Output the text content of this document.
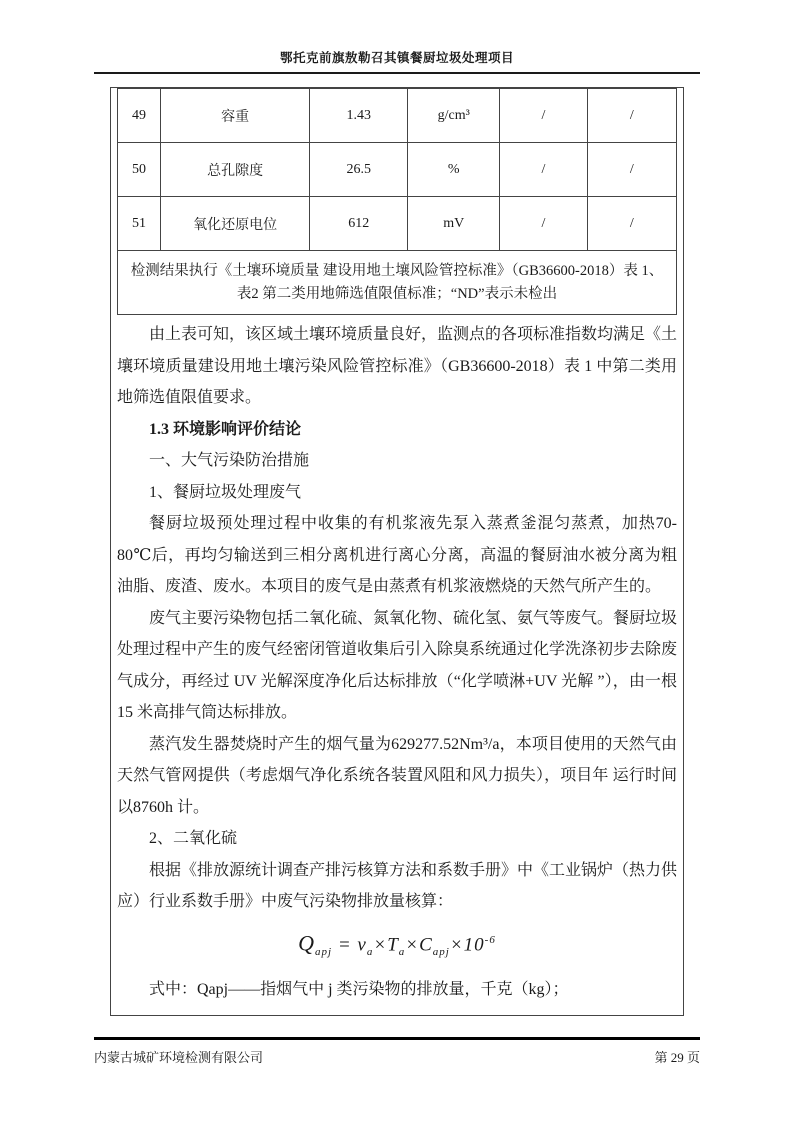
鄂托克前旗敖勒召其镇餐厨垃圾处理项目
49	容重	1.43	g/cm³	/	/
50	总孔隙度	26.5	%	/	/
51	氧化还原电位	612	mV	/	/

检测结果执行《土壤环境质量 建设用地土壤风险管控标准》（GB36600-2018）表 1、
表2 第二类用地筛选值限值标准；“ND”表示未检出					

由上表可知，该区域土壤环境质量良好，监测点的各项标准指数均满足《土壤环境质量建设用地土壤污染风险管控标准》（GB36600-2018）表 1 中第二类用地筛选值限值要求。

1.3 环境影响评价结论

一、大气污染防治措施

1、餐厨垃圾处理废气

餐厨垃圾预处理过程中收集的有机浆液先泵入蒸煮釜混匀蒸煮，加热70-80℃后，再均匀输送到三相分离机进行离心分离，高温的餐厨油水被分离为粗油脂、废渣、废水。本项目的废气是由蒸煮有机浆液燃烧的天然气所产生的。

废气主要污染物包括二氧化硫、氮氧化物、硫化氢、氨气等废气。餐厨垃圾处理过程中产生的废气经密闭管道收集后引入除臭系统通过化学洗涤初步去除废气成分，再经过 UV 光解深度净化后达标排放（“化学喷淋+UV 光解 ”），由一根 15 米高排气筒达标排放。

蒸汽发生器焚烧时产生的烟气量为629277.52Nm³/a，本项目使用的天然气由天然气管网提供（考虑烟气净化系统各装置风阻和风力损失），项目年 运行时间以8760h 计。

2、二氧化硫

根据《排放源统计调查产排污核算方法和系数手册》中《工业锅炉（热力供应）行业系数手册》中废气污染物排放量核算：

$Q_{apj} = v_a\times T_a\times C_{apj}\times 10^{-6}$

式中：Qapj——指烟气中 j 类污染物的排放量，千克（kg）；

内蒙古城矿环境检测有限公司	第 29 页
